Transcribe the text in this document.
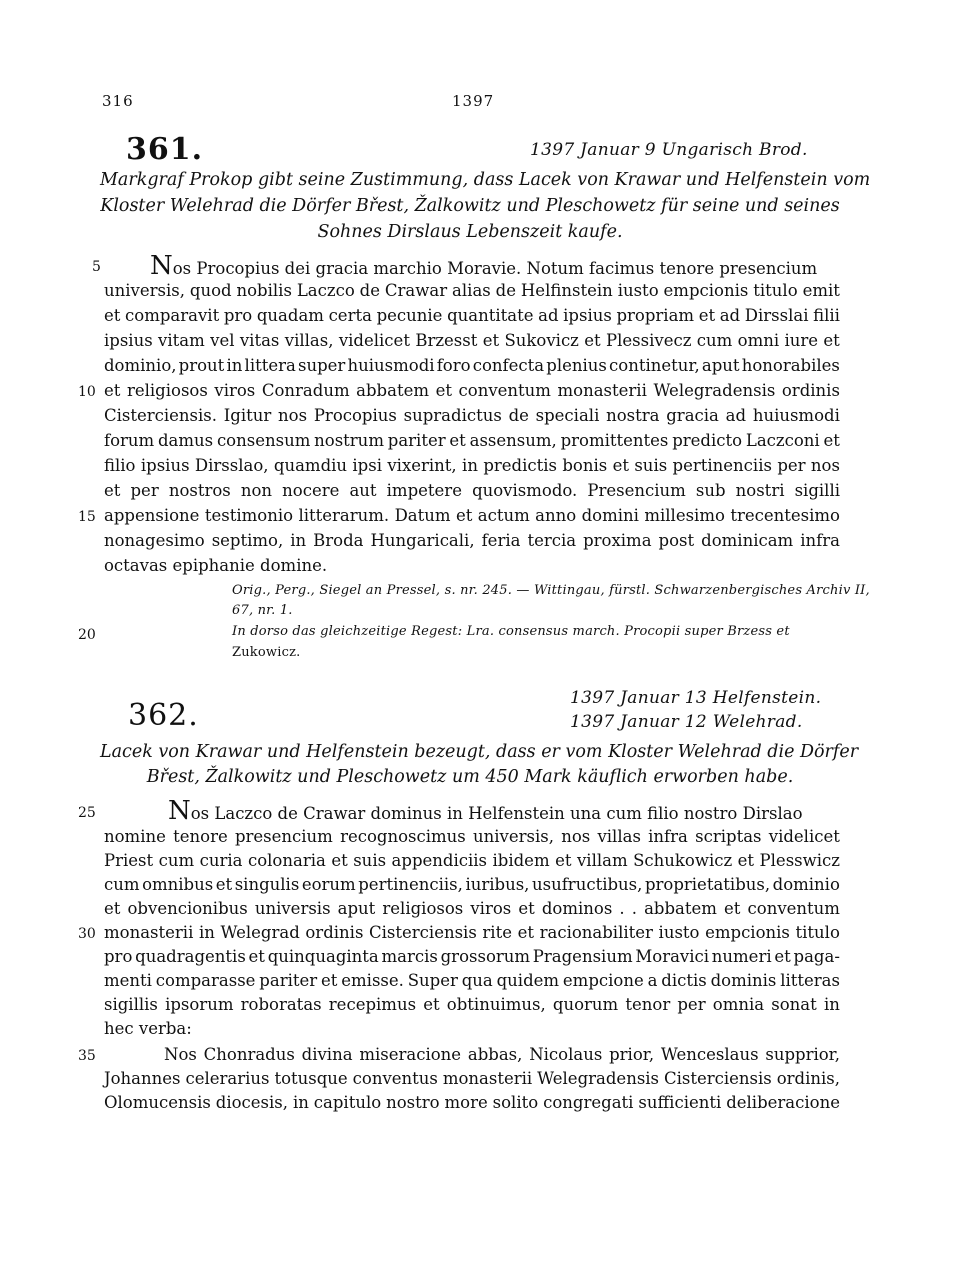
316	1397
361.	1397 Januar 9 Ungarisch Brod.
Markgraf Prokop gibt seine Zustimmung, dass Lacek von Krawar und Helfenstein vom
Kloster Welehrad die Dörfer Břest, Žalkowitz und Pleschowetz für seine und seines
Sohnes Dirslaus Lebenszeit kaufe.
Nos Procopius dei gracia marchio Moravie. Notum facimus tenore presencium
universis, quod nobilis Laczco de Crawar alias de Helfinstein iusto empcionis titulo emit
et comparavit pro quadam certa pecunie quantitate ad ipsius propriam et ad Dirsslai filii
ipsius vitam vel vitas villas, videlicet Brzesst et Sukovicz et Plessivecz cum omni iure et
dominio, prout in littera super huiusmodi foro confecta plenius continetur, aput honorabiles
et religiosos viros Conradum abbatem et conventum monasterii Welegradensis ordinis
Cisterciensis. Igitur nos Procopius supradictus de speciali nostra gracia ad huiusmodi
forum damus consensum nostrum pariter et assensum, promittentes predicto Laczconi et
filio ipsius Dirsslao, quamdiu ipsi vixerint, in predictis bonis et suis pertinenciis per nos
et per nostros non nocere aut impetere quovismodo. Presencium sub nostri sigilli
appensione testimonio litterarum. Datum et actum anno domini millesimo trecentesimo
nonagesimo septimo, in Broda Hungaricali, feria tercia proxima post dominicam infra
octavas epiphanie domine.
Orig., Perg., Siegel an Pressel, s. nr. 245. — Wittingau, fürstl. Schwarzenbergisches Archiv II,
67, nr. 1.
In dorso das gleichzeitige Regest: Lra. consensus march. Procopii super Brzess et
Zukowicz.
362.	1397 Januar 13 Helfenstein.
1397 Januar 12 Welehrad.
Lacek von Krawar und Helfenstein bezeugt, dass er vom Kloster Welehrad die Dörfer
Břest, Žalkowitz und Pleschowetz um 450 Mark käuflich erworben habe.
Nos Laczco de Crawar dominus in Helfenstein una cum filio nostro Dirslao
nomine tenore presencium recognoscimus universis, nos villas infra scriptas videlicet
Priest cum curia colonaria et suis appendiciis ibidem et villam Schukowicz et Plesswicz
cum omnibus et singulis eorum pertinenciis, iuribus, usufructibus, proprietatibus, dominio
et obvencionibus universis aput religiosos viros et dominos . . abbatem et conventum
monasterii in Welegrad ordinis Cisterciensis rite et racionabiliter iusto empcionis titulo
pro quadragentis et quinquaginta marcis grossorum Pragensium Moravici numeri et paga-
menti comparasse pariter et emisse. Super qua quidem empcione a dictis dominis litteras
sigillis ipsorum roboratas recepimus et obtinuimus, quorum tenor per omnia sonat in
hec verba:
Nos Chonradus divina miseracione abbas, Nicolaus prior, Wenceslaus supprior,
Johannes celerarius totusque conventus monasterii Welegradensis Cisterciensis ordinis,
Olomucensis diocesis, in capitulo nostro more solito congregati sufficienti deliberacione
5
10
15
20
25
30
35
